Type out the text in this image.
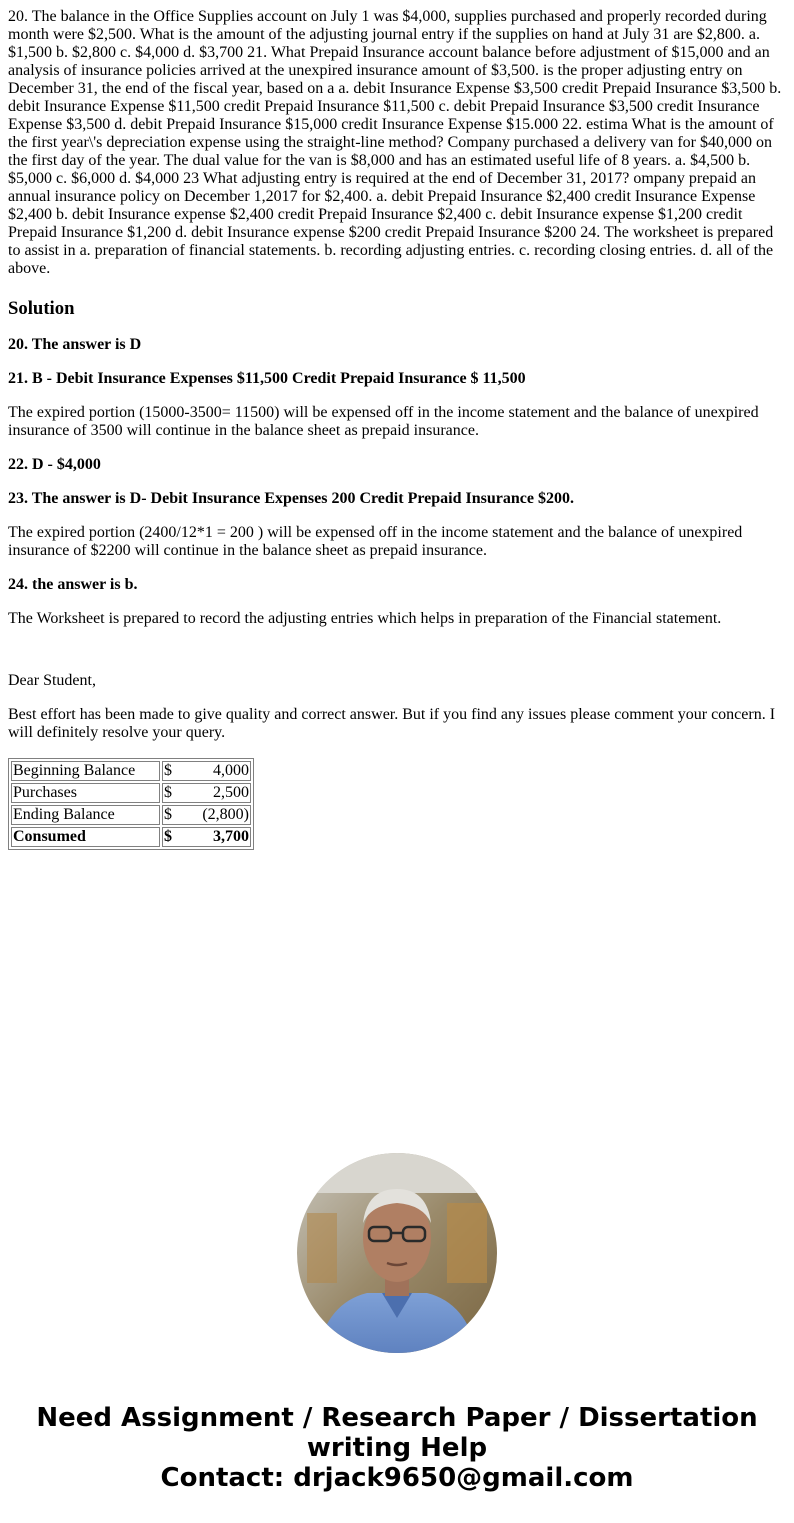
20. The balance in the Office Supplies account on July 1 was $4,000, supplies purchased and properly recorded during month were $2,500. What is the amount of the adjusting journal entry if the supplies on hand at July 31 are $2,800. a. $1,500 b. $2,800 c. $4,000 d. $3,700 21. What Prepaid Insurance account balance before adjustment of $15,000 and an analysis of insurance policies arrived at the unexpired insurance amount of $3,500. is the proper adjusting entry on December 31, the end of the fiscal year, based on a a. debit Insurance Expense $3,500 credit Prepaid Insurance $3,500 b. debit Insurance Expense $11,500 credit Prepaid Insurance $11,500 c. debit Prepaid Insurance $3,500 credit Insurance Expense $3,500 d. debit Prepaid Insurance $15,000 credit Insurance Expense $15.000 22. estima What is the amount of the first year\'s depreciation expense using the straight-line method? Company purchased a delivery van for $40,000 on the first day of the year. The dual value for the van is $8,000 and has an estimated useful life of 8 years. a. $4,500 b. $5,000 c. $6,000 d. $4,000 23 What adjusting entry is required at the end of December 31, 2017? ompany prepaid an annual insurance policy on December 1,2017 for $2,400. a. debit Prepaid Insurance $2,400 credit Insurance Expense $2,400 b. debit Insurance expense $2,400 credit Prepaid Insurance $2,400 c. debit Insurance expense $1,200 credit Prepaid Insurance $1,200 d. debit Insurance expense $200 credit Prepaid Insurance $200 24. The worksheet is prepared to assist in a. preparation of financial statements. b. recording adjusting entries. c. recording closing entries. d. all of the above.

Solution

20. The answer is D

21. B - Debit Insurance Expenses $11,500 Credit Prepaid Insurance $ 11,500

The expired portion (15000-3500= 11500) will be expensed off in the income statement and the balance of unexpired insurance of 3500 will continue in the balance sheet as prepaid insurance.

22. D - $4,000

23. The answer is D- Debit Insurance Expenses 200 Credit Prepaid Insurance $200.

The expired portion (2400/12*1 = 200 ) will be expensed off in the income statement and the balance of unexpired insurance of $2200 will continue in the balance sheet as prepaid insurance.

24. the answer is b.

The Worksheet is prepared to record the adjusting entries which helps in preparation of the Financial statement.

Dear Student,

Best effort has been made to give quality and correct answer. But if you find any issues please comment your concern. I will definitely resolve your query.

Beginning Balance	$ 4,000

Purchases	$ 2,500

Ending Balance	$ (2,800)

Consumed	$ 3,700
Need Assignment / Research Paper / Dissertation
writing Help
Contact: drjack9650@gmail.com
